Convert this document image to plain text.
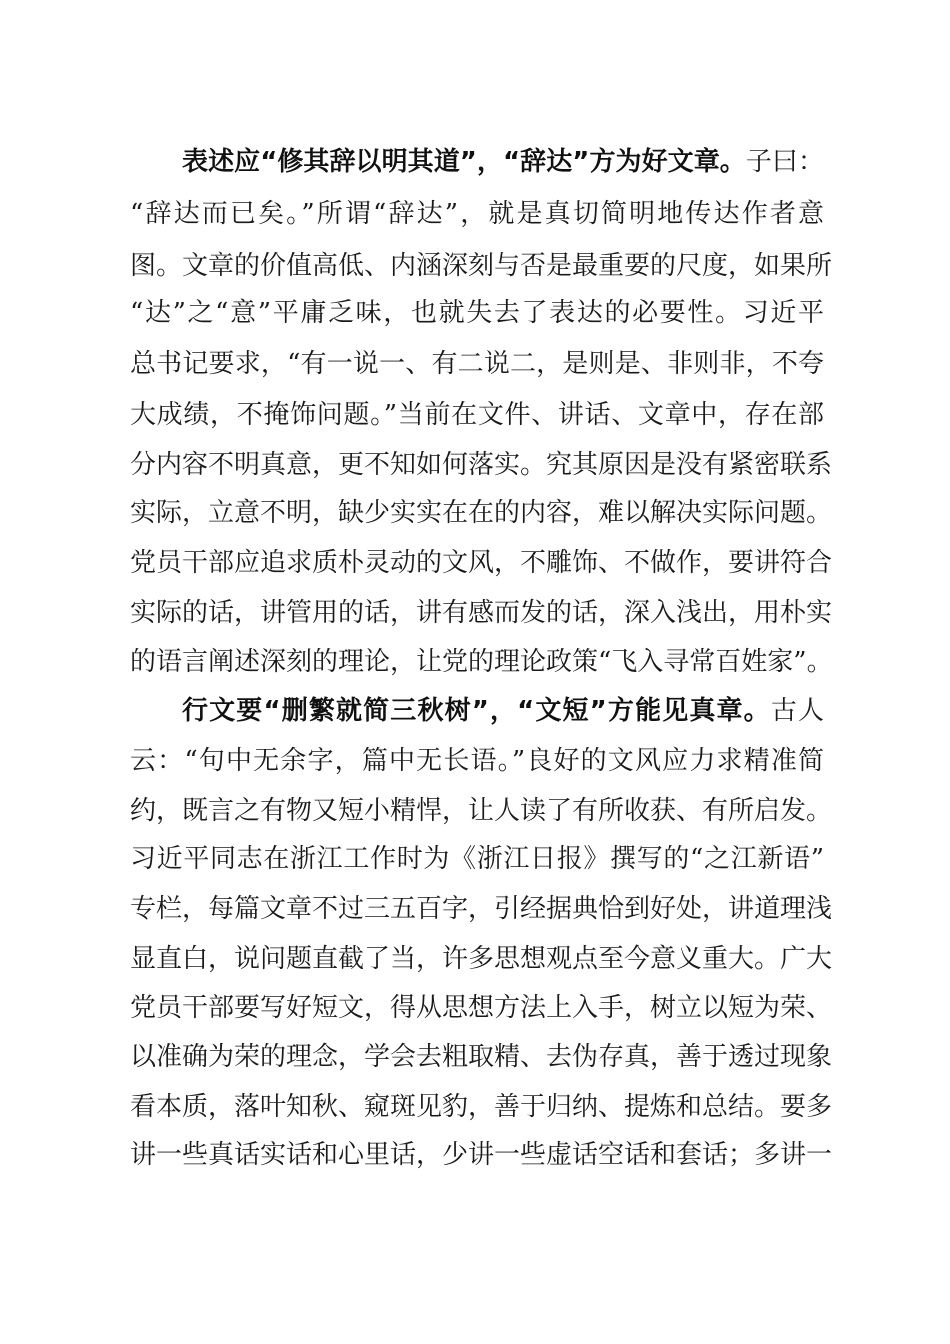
表述应“修其辞以明其道”，“辞达”方为好文章。子曰：
“辞达而已矣。”所谓“辞达”，就是真切简明地传达作者意
图。文章的价值高低、内涵深刻与否是最重要的尺度，如果所
“达”之“意”平庸乏味，也就失去了表达的必要性。习近平
总书记要求，“有一说一、有二说二，是则是、非则非，不夸
大成绩，不掩饰问题。”当前在文件、讲话、文章中，存在部
分内容不明真意，更不知如何落实。究其原因是没有紧密联系
实际，立意不明，缺少实实在在的内容，难以解决实际问题。
党员干部应追求质朴灵动的文风，不雕饰、不做作，要讲符合
实际的话，讲管用的话，讲有感而发的话，深入浅出，用朴实
的语言阐述深刻的理论，让党的理论政策“飞入寻常百姓家”。
行文要“删繁就简三秋树”，“文短”方能见真章。古人
云：“句中无余字，篇中无长语。”良好的文风应力求精准简
约，既言之有物又短小精悍，让人读了有所收获、有所启发。
习近平同志在浙江工作时为《浙江日报》撰写的“之江新语”
专栏，每篇文章不过三五百字，引经据典恰到好处，讲道理浅
显直白，说问题直截了当，许多思想观点至今意义重大。广大
党员干部要写好短文，得从思想方法上入手，树立以短为荣、
以准确为荣的理念，学会去粗取精、去伪存真，善于透过现象
看本质，落叶知秋、窥斑见豹，善于归纳、提炼和总结。要多
讲一些真话实话和心里话，少讲一些虚话空话和套话；多讲一
